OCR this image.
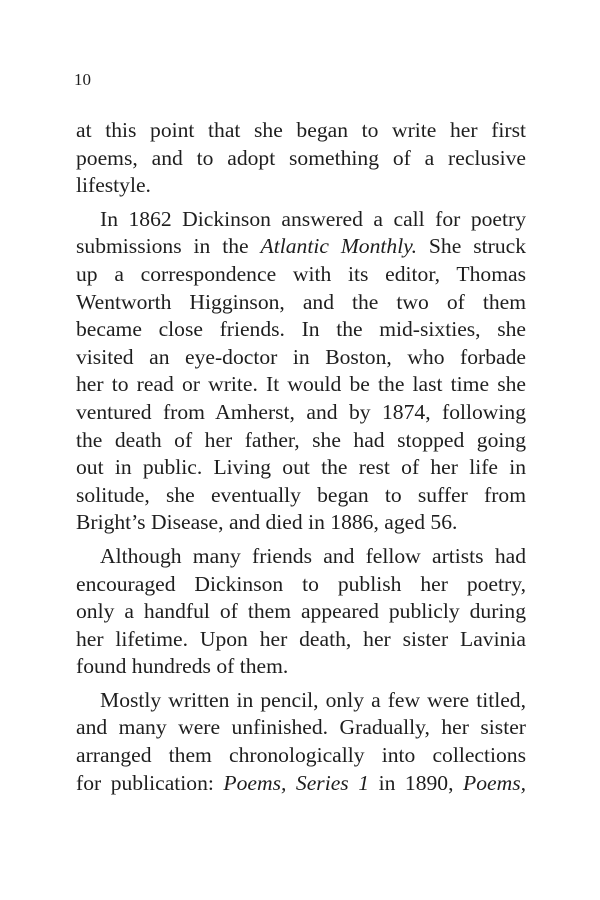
10
at this point that she began to write her first
poems, and to adopt something of a reclusive
lifestyle.
In 1862 Dickinson answered a call for poetry
submissions in the Atlantic Monthly. She struck
up a correspondence with its editor, Thomas
Wentworth Higginson, and the two of them
became close friends. In the mid-sixties, she
visited an eye-doctor in Boston, who forbade
her to read or write. It would be the last time she
ventured from Amherst, and by 1874, following
the death of her father, she had stopped going
out in public. Living out the rest of her life in
solitude, she eventually began to suffer from
Bright’s Disease, and died in 1886, aged 56.
Although many friends and fellow artists had
encouraged Dickinson to publish her poetry,
only a handful of them appeared publicly during
her lifetime. Upon her death, her sister Lavinia
found hundreds of them.
Mostly written in pencil, only a few were titled,
and many were unfinished. Gradually, her sister
arranged them chronologically into collections
for publication: Poems, Series 1 in 1890, Poems,
